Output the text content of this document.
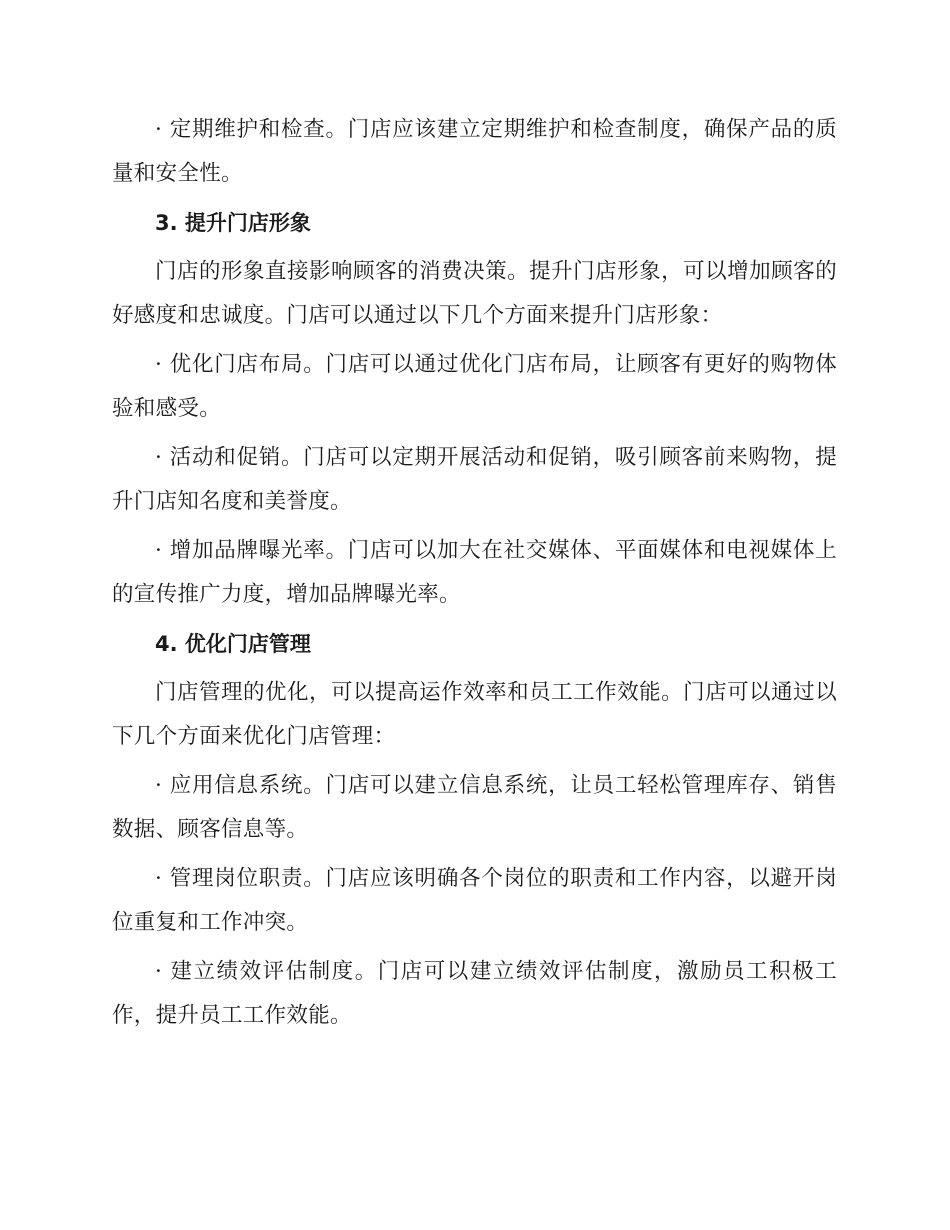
· 定期维护和检查。门店应该建立定期维护和检查制度，确保产品的质量和安全性。

3. 提升门店形象

门店的形象直接影响顾客的消费决策。提升门店形象，可以增加顾客的好感度和忠诚度。门店可以通过以下几个方面来提升门店形象：

· 优化门店布局。门店可以通过优化门店布局，让顾客有更好的购物体验和感受。

· 活动和促销。门店可以定期开展活动和促销，吸引顾客前来购物，提升门店知名度和美誉度。

· 增加品牌曝光率。门店可以加大在社交媒体、平面媒体和电视媒体上的宣传推广力度，增加品牌曝光率。

4. 优化门店管理

门店管理的优化，可以提高运作效率和员工工作效能。门店可以通过以下几个方面来优化门店管理：

· 应用信息系统。门店可以建立信息系统，让员工轻松管理库存、销售数据、顾客信息等。

· 管理岗位职责。门店应该明确各个岗位的职责和工作内容，以避开岗位重复和工作冲突。

· 建立绩效评估制度。门店可以建立绩效评估制度，激励员工积极工作，提升员工工作效能。
